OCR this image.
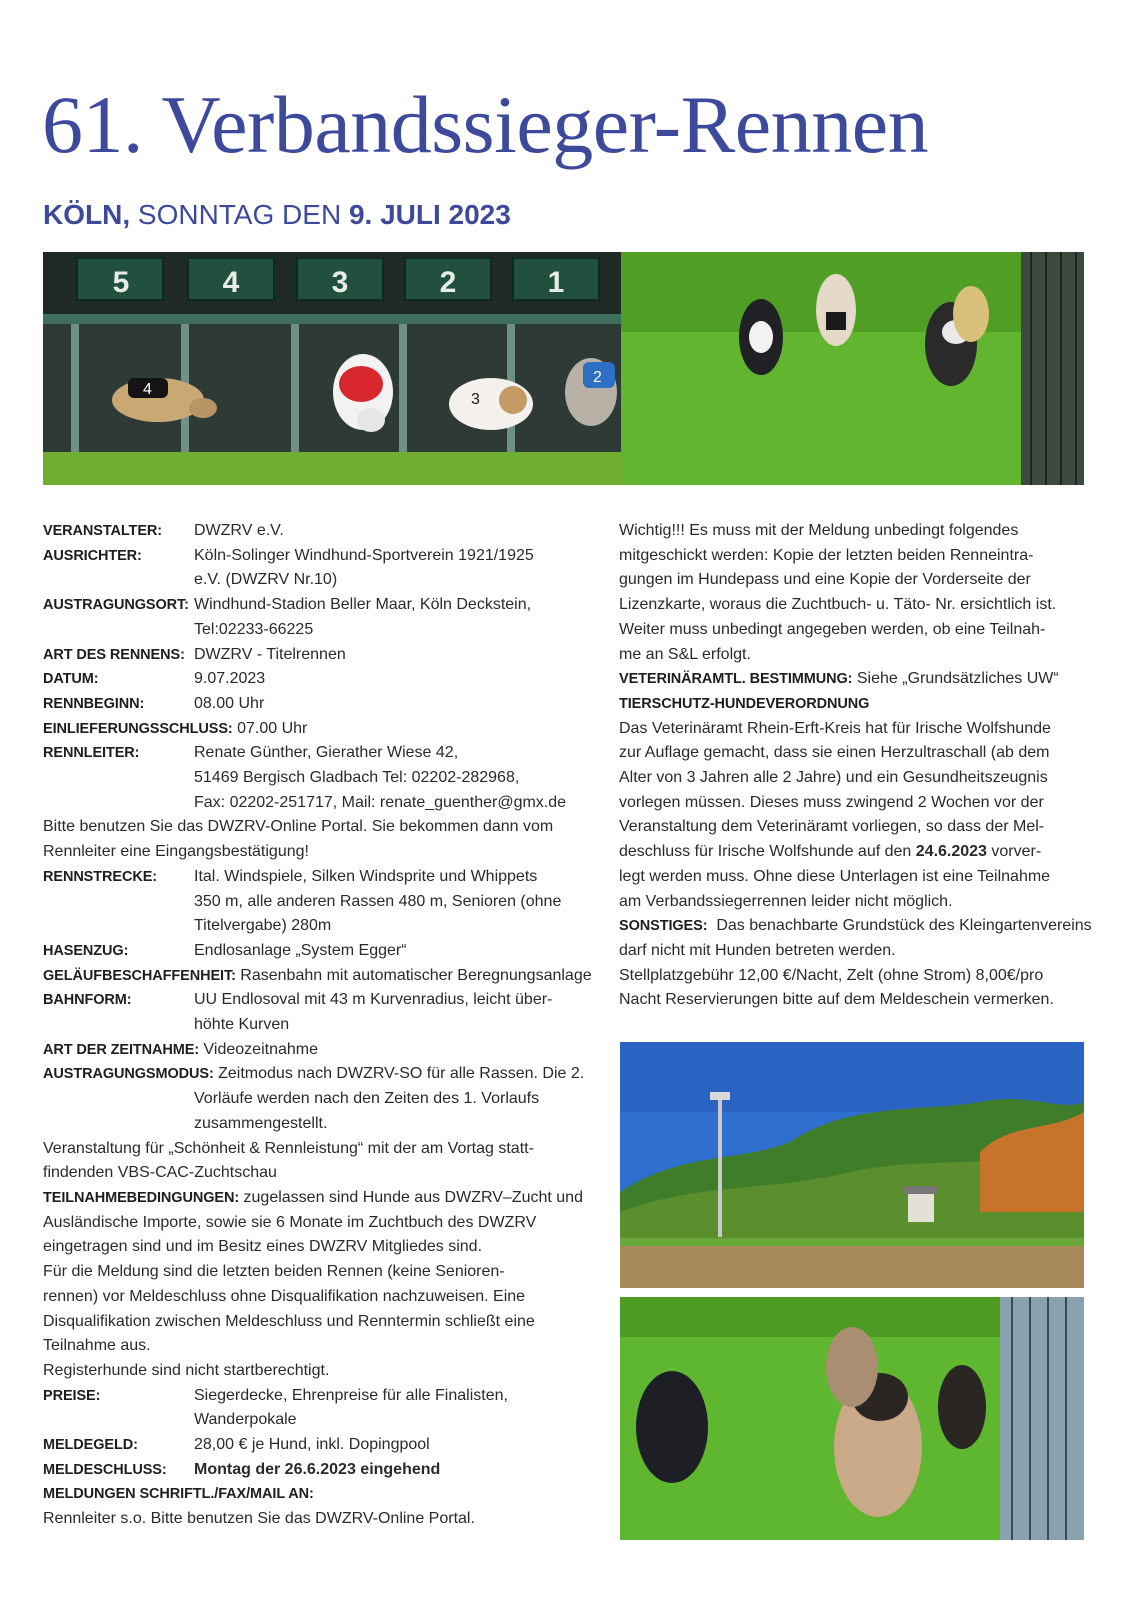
61. Verbandssieger-Rennen
KÖLN, SONNTAG DEN 9. JULI 2023
5	4	3	2	1
4
3
2
VERANSTALTER:	DWZRV e.V.
AUSRICHTER:	Köln-Solinger Windhund-Sportverein 1921/1925
e.V. (DWZRV Nr.10)
AUSTRAGUNGSORT: Windhund-Stadion Beller Maar, Köln Deckstein,
Tel:02233-66225
ART DES RENNENS: DWZRV - Titelrennen
DATUM:	9.07.2023
RENNBEGINN:	08.00 Uhr
EINLIEFERUNGSSCHLUSS: 07.00 Uhr
RENNLEITER:	Renate Günther, Gierather Wiese 42,
51469 Bergisch Gladbach Tel: 02202-282968,
Fax: 02202-251717, Mail: renate_guenther@gmx.de
Bitte benutzen Sie das DWZRV-Online Portal. Sie bekommen dann vom
Rennleiter eine Eingangsbestätigung!
RENNSTRECKE:	Ital. Windspiele, Silken Windsprite und Whippets
350 m, alle anderen Rassen 480 m, Senioren (ohne
Titelvergabe) 280m
HASENZUG:	Endlosanlage „System Egger“
GELÄUFBESCHAFFENHEIT: Rasenbahn mit automatischer Beregnungsanlage
BAHNFORM:	UU Endlosoval mit 43 m Kurvenradius, leicht über-
höhte Kurven
ART DER ZEITNAHME: Videozeitnahme
AUSTRAGUNGSMODUS: Zeitmodus nach DWZRV-SO für alle Rassen. Die 2.
Vorläufe werden nach den Zeiten des 1. Vorlaufs
zusammengestellt.
Veranstaltung für „Schönheit & Rennleistung“ mit der am Vortag statt-
findenden VBS-CAC-Zuchtschau
TEILNAHMEBEDINGUNGEN: zugelassen sind Hunde aus DWZRV–Zucht und
Ausländische Importe, sowie sie 6 Monate im Zuchtbuch des DWZRV
eingetragen sind und im Besitz eines DWZRV Mitgliedes sind.
Für die Meldung sind die letzten beiden Rennen (keine Senioren-
rennen) vor Meldeschluss ohne Disqualifikation nachzuweisen. Eine
Disqualifikation zwischen Meldeschluss und Renntermin schließt eine
Teilnahme aus.
Registerhunde sind nicht startberechtigt.
PREISE:	Siegerdecke, Ehrenpreise für alle Finalisten,
Wanderpokale
MELDEGELD:	28,00 € je Hund, inkl. Dopingpool
MELDESCHLUSS:	Montag der 26.6.2023 eingehend
MELDUNGEN SCHRIFTL./FAX/MAIL AN:
Rennleiter s.o. Bitte benutzen Sie das DWZRV-Online Portal.
Wichtig!!! Es muss mit der Meldung unbedingt folgendes
mitgeschickt werden: Kopie der letzten beiden Renneintra-
gungen im Hundepass und eine Kopie der Vorderseite der
Lizenzkarte, woraus die Zuchtbuch- u. Täto- Nr. ersichtlich ist.
Weiter muss unbedingt angegeben werden, ob eine Teilnah-
me an S&L erfolgt.
VETERINÄRAMTL. BESTIMMUNG: Siehe „Grundsätzliches UW“
TIERSCHUTZ-HUNDEVERORDNUNG
Das Veterinäramt Rhein-Erft-Kreis hat für Irische Wolfshunde
zur Auflage gemacht, dass sie einen Herzultraschall (ab dem
Alter von 3 Jahren alle 2 Jahre) und ein Gesundheitszeugnis
vorlegen müssen. Dieses muss zwingend 2 Wochen vor der
Veranstaltung dem Veterinäramt vorliegen, so dass der Mel-
deschluss für Irische Wolfshunde auf den 24.6.2023 vorver-
legt werden muss. Ohne diese Unterlagen ist eine Teilnahme
am Verbandssiegerrennen leider nicht möglich.
SONSTIGES: Das benachbarte Grundstück des Kleingartenvereins
darf nicht mit Hunden betreten werden.
Stellplatzgebühr 12,00 €/Nacht, Zelt (ohne Strom) 8,00€/pro
Nacht Reservierungen bitte auf dem Meldeschein vermerken.
